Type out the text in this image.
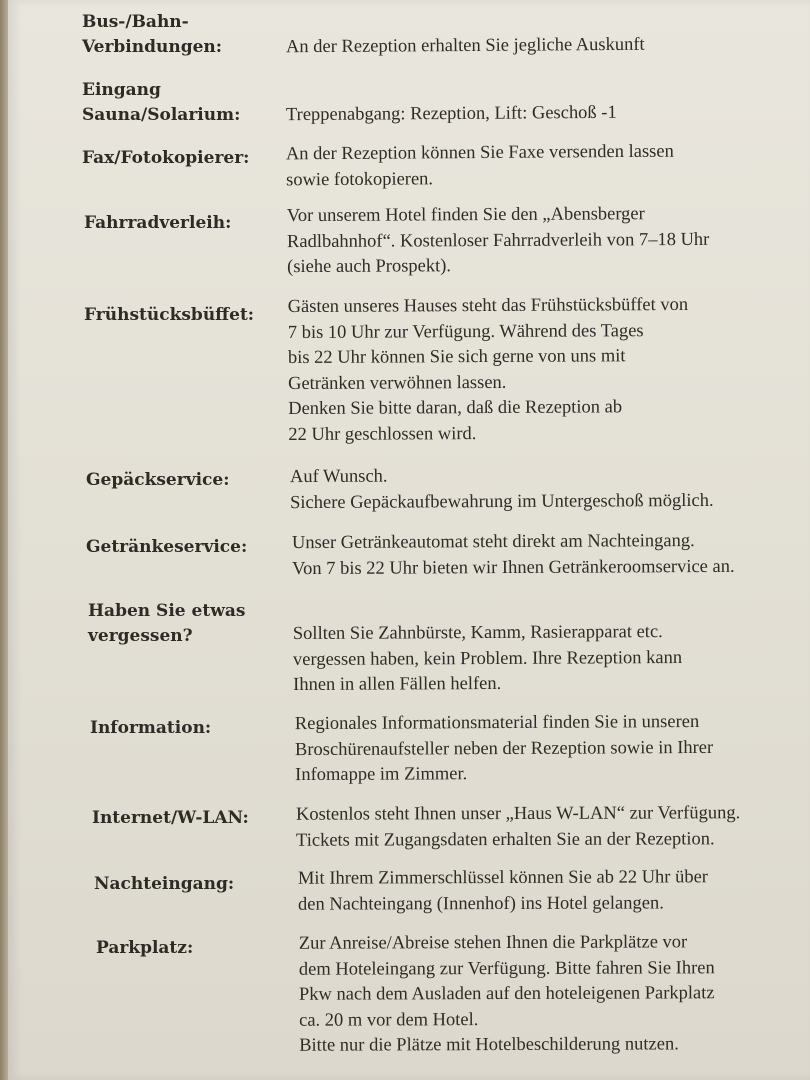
Bus-/Bahn-
Verbindungen:	An der Rezeption erhalten Sie jegliche Auskunft
Eingang
Sauna/Solarium: Treppenabgang: Rezeption, Lift: Geschoß -1
Fax/Fotokopierer: An der Rezeption können Sie Faxe versenden lassen
sowie fotokopieren.
Fahrradverleih:	Vor unserem Hotel finden Sie den „Abensberger
Radlbahnhof“. Kostenloser Fahrradverleih von 7–18 Uhr
(siehe auch Prospekt).
Frühstücksbüffet: Gästen unseres Hauses steht das Frühstücksbüffet von
7 bis 10 Uhr zur Verfügung. Während des Tages
bis 22 Uhr können Sie sich gerne von uns mit
Getränken verwöhnen lassen.
Denken Sie bitte daran, daß die Rezeption ab
22 Uhr geschlossen wird.
Gepäckservice:	Auf Wunsch.
Sichere Gepäckaufbewahrung im Untergeschoß möglich.
Getränkeservice: Unser Getränkeautomat steht direkt am Nachteingang.
Von 7 bis 22 Uhr bieten wir Ihnen Getränkeroomservice an.
Haben Sie etwas
vergessen?	Sollten Sie Zahnbürste, Kamm, Rasierapparat etc.
vergessen haben, kein Problem. Ihre Rezeption kann
Ihnen in allen Fällen helfen.
Information:	Regionales Informationsmaterial finden Sie in unseren
Broschürenaufsteller neben der Rezeption sowie in Ihrer
Infomappe im Zimmer.
Internet/W-LAN:	Kostenlos steht Ihnen unser „Haus W-LAN“ zur Verfügung.
Tickets mit Zugangsdaten erhalten Sie an der Rezeption.
Nachteingang:	Mit Ihrem Zimmerschlüssel können Sie ab 22 Uhr über
den Nachteingang (Innenhof) ins Hotel gelangen.
Parkplatz:	Zur Anreise/Abreise stehen Ihnen die Parkplätze vor
dem Hoteleingang zur Verfügung. Bitte fahren Sie Ihren
Pkw nach dem Ausladen auf den hoteleigenen Parkplatz
ca. 20 m vor dem Hotel.
Bitte nur die Plätze mit Hotelbeschilderung nutzen.
